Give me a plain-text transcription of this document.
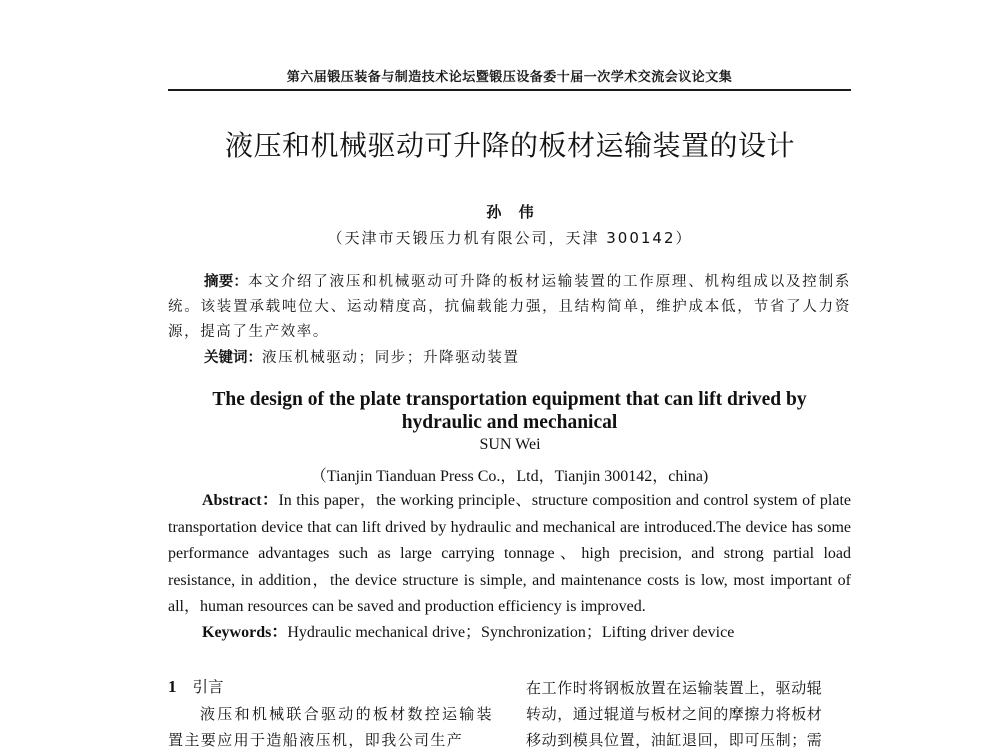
第六届锻压装备与制造技术论坛暨锻压设备委十届一次学术交流会议论文集
液压和机械驱动可升降的板材运输装置的设计
孙 伟
（天津市天锻压力机有限公司，天津 300142）
摘要：本文介绍了液压和机械驱动可升降的板材运输装置的工作原理、机构组成以及控制系统。该装置承载吨位大、运动精度高，抗偏载能力强，且结构简单，维护成本低，节省了人力资源，提高了生产效率。
关键词：液压机械驱动；同步；升降驱动装置
The design of the plate transportation equipment that can lift drived by
hydraulic and mechanical
SUN Wei
（Tianjin Tianduan Press Co.，Ltd，Tianjin 300142，china)
Abstract：In this paper，the working principle、structure composition and control system of plate transportation device that can lift drived by hydraulic and mechanical are introduced.The device has some performance advantages such as large carrying tonnage、high precision, and strong partial load resistance, in addition，the device structure is simple, and maintenance costs is low, most important of all，human resources can be saved and production efficiency is improved.
Keywords：Hydraulic mechanical drive；Synchronization；Lifting driver device
1 引言
液压和机械联合驱动的板材数控运输装置主要应用于造船液压机，即我公司生产
在工作时将钢板放置在运输装置上，驱动辊
转动，通过辊道与板材之间的摩擦力将板材
移动到模具位置，油缸退回，即可压制；需
